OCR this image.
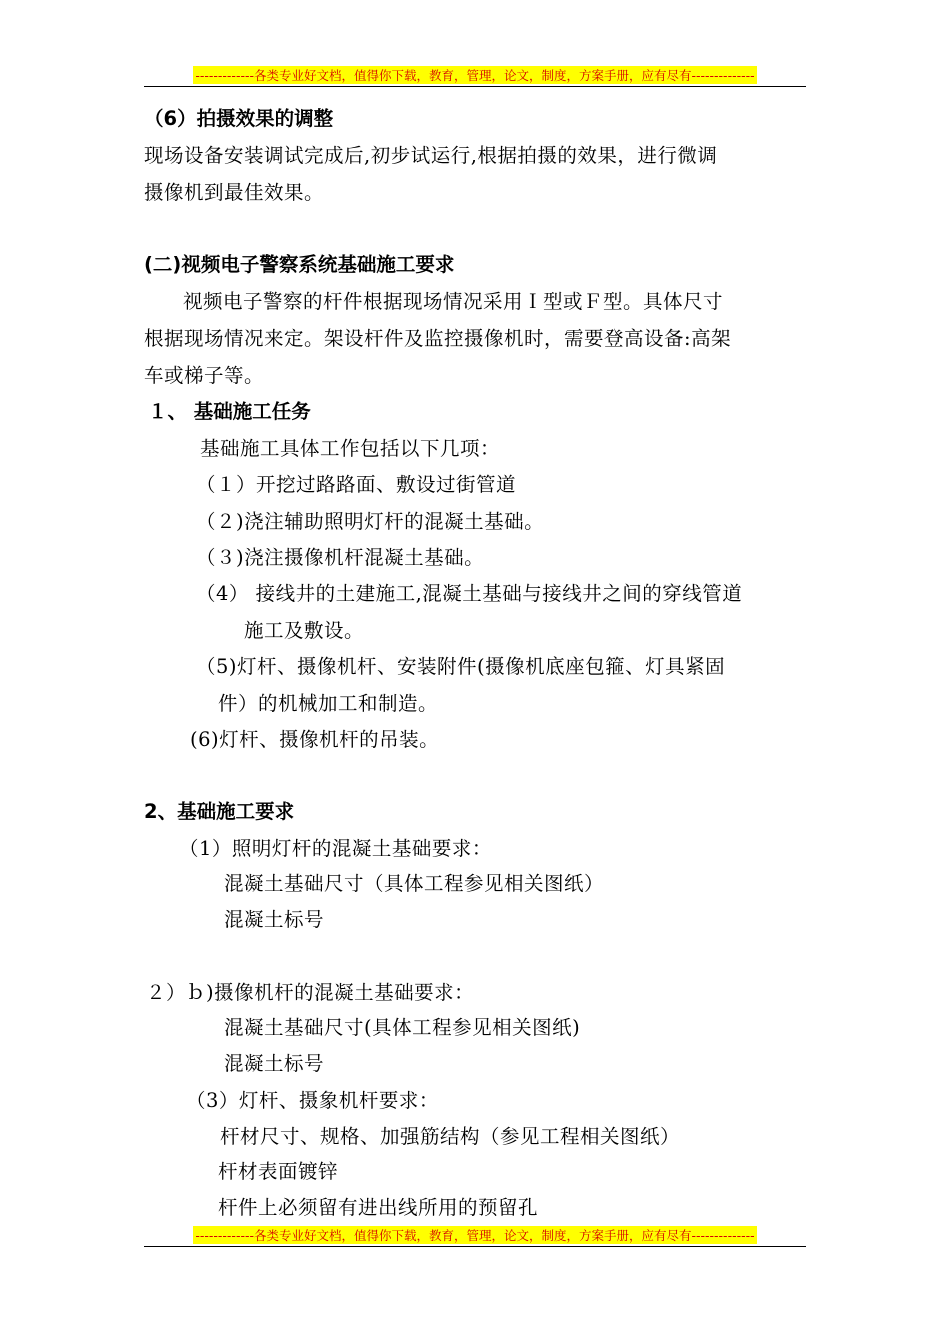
-------------各类专业好文档，值得你下载，教育，管理，论文，制度，方案手册，应有尽有--------------
（6）拍摄效果的调整
现场设备安装调试完成后,初步试运行,根据拍摄的效果，进行微调
摄像机到最佳效果。
(二)视频电子警察系统基础施工要求
视频电子警察的杆件根据现场情况采用Ｉ型或Ｆ型。具体尺寸
根据现场情况来定。架设杆件及监控摄像机时，需要登高设备:高架
车或梯子等。
１、 基础施工任务
基础施工具体工作包括以下几项：
（１）开挖过路路面、敷设过街管道
（２)浇注辅助照明灯杆的混凝土基础。
（３)浇注摄像机杆混凝土基础。
（4） 接线井的土建施工,混凝土基础与接线井之间的穿线管道
施工及敷设。
（5)灯杆、摄像机杆、安装附件(摄像机底座包箍、灯具紧固
件）的机械加工和制造。
(6)灯杆、摄像机杆的吊装。
2、基础施工要求
（1）照明灯杆的混凝土基础要求：
混凝土基础尺寸（具体工程参见相关图纸）
混凝土标号
２）ｂ)摄像机杆的混凝土基础要求：
混凝土基础尺寸(具体工程参见相关图纸)
混凝土标号
（3）灯杆、摄象机杆要求：
杆材尺寸、规格、加强筋结构（参见工程相关图纸）
杆材表面镀锌
杆件上必须留有进出线所用的预留孔
-------------各类专业好文档，值得你下载，教育，管理，论文，制度，方案手册，应有尽有--------------
